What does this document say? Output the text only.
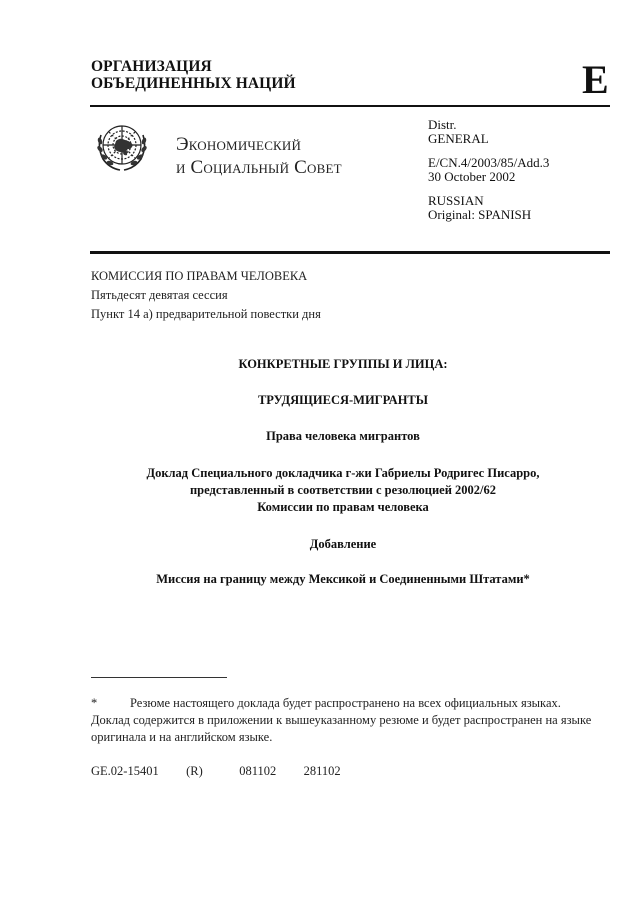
ОРГАНИЗАЦИЯ
ОБЪЕДИНЕННЫХ НАЦИЙ	E
Экономический
и Социальный Совет
Distr.
GENERAL
E/CN.4/2003/85/Add.3
30 October 2002
RUSSIAN
Original: SPANISH
КОМИССИЯ ПО ПРАВАМ ЧЕЛОВЕКА
Пятьдесят девятая сессия
Пункт 14 а) предварительной повестки дня
КОНКРЕТНЫЕ ГРУППЫ И ЛИЦА:
ТРУДЯЩИЕСЯ-МИГРАНТЫ
Права человека мигрантов
Доклад Специального докладчика г-жи Габриелы Родригес Писарро,
представленный в соответствии с резолюцией 2002/62
Комиссии по правам человека
Добавление
Миссия на границу между Мексикой и Соединенными Штатами*
*	Резюме настоящего доклада будет распространено на всех официальных языках. Доклад содержится в приложении к вышеуказанному резюме и будет распространен на языке оригинала и на английском языке.
GE.02-15401   (R)    081102   281102
